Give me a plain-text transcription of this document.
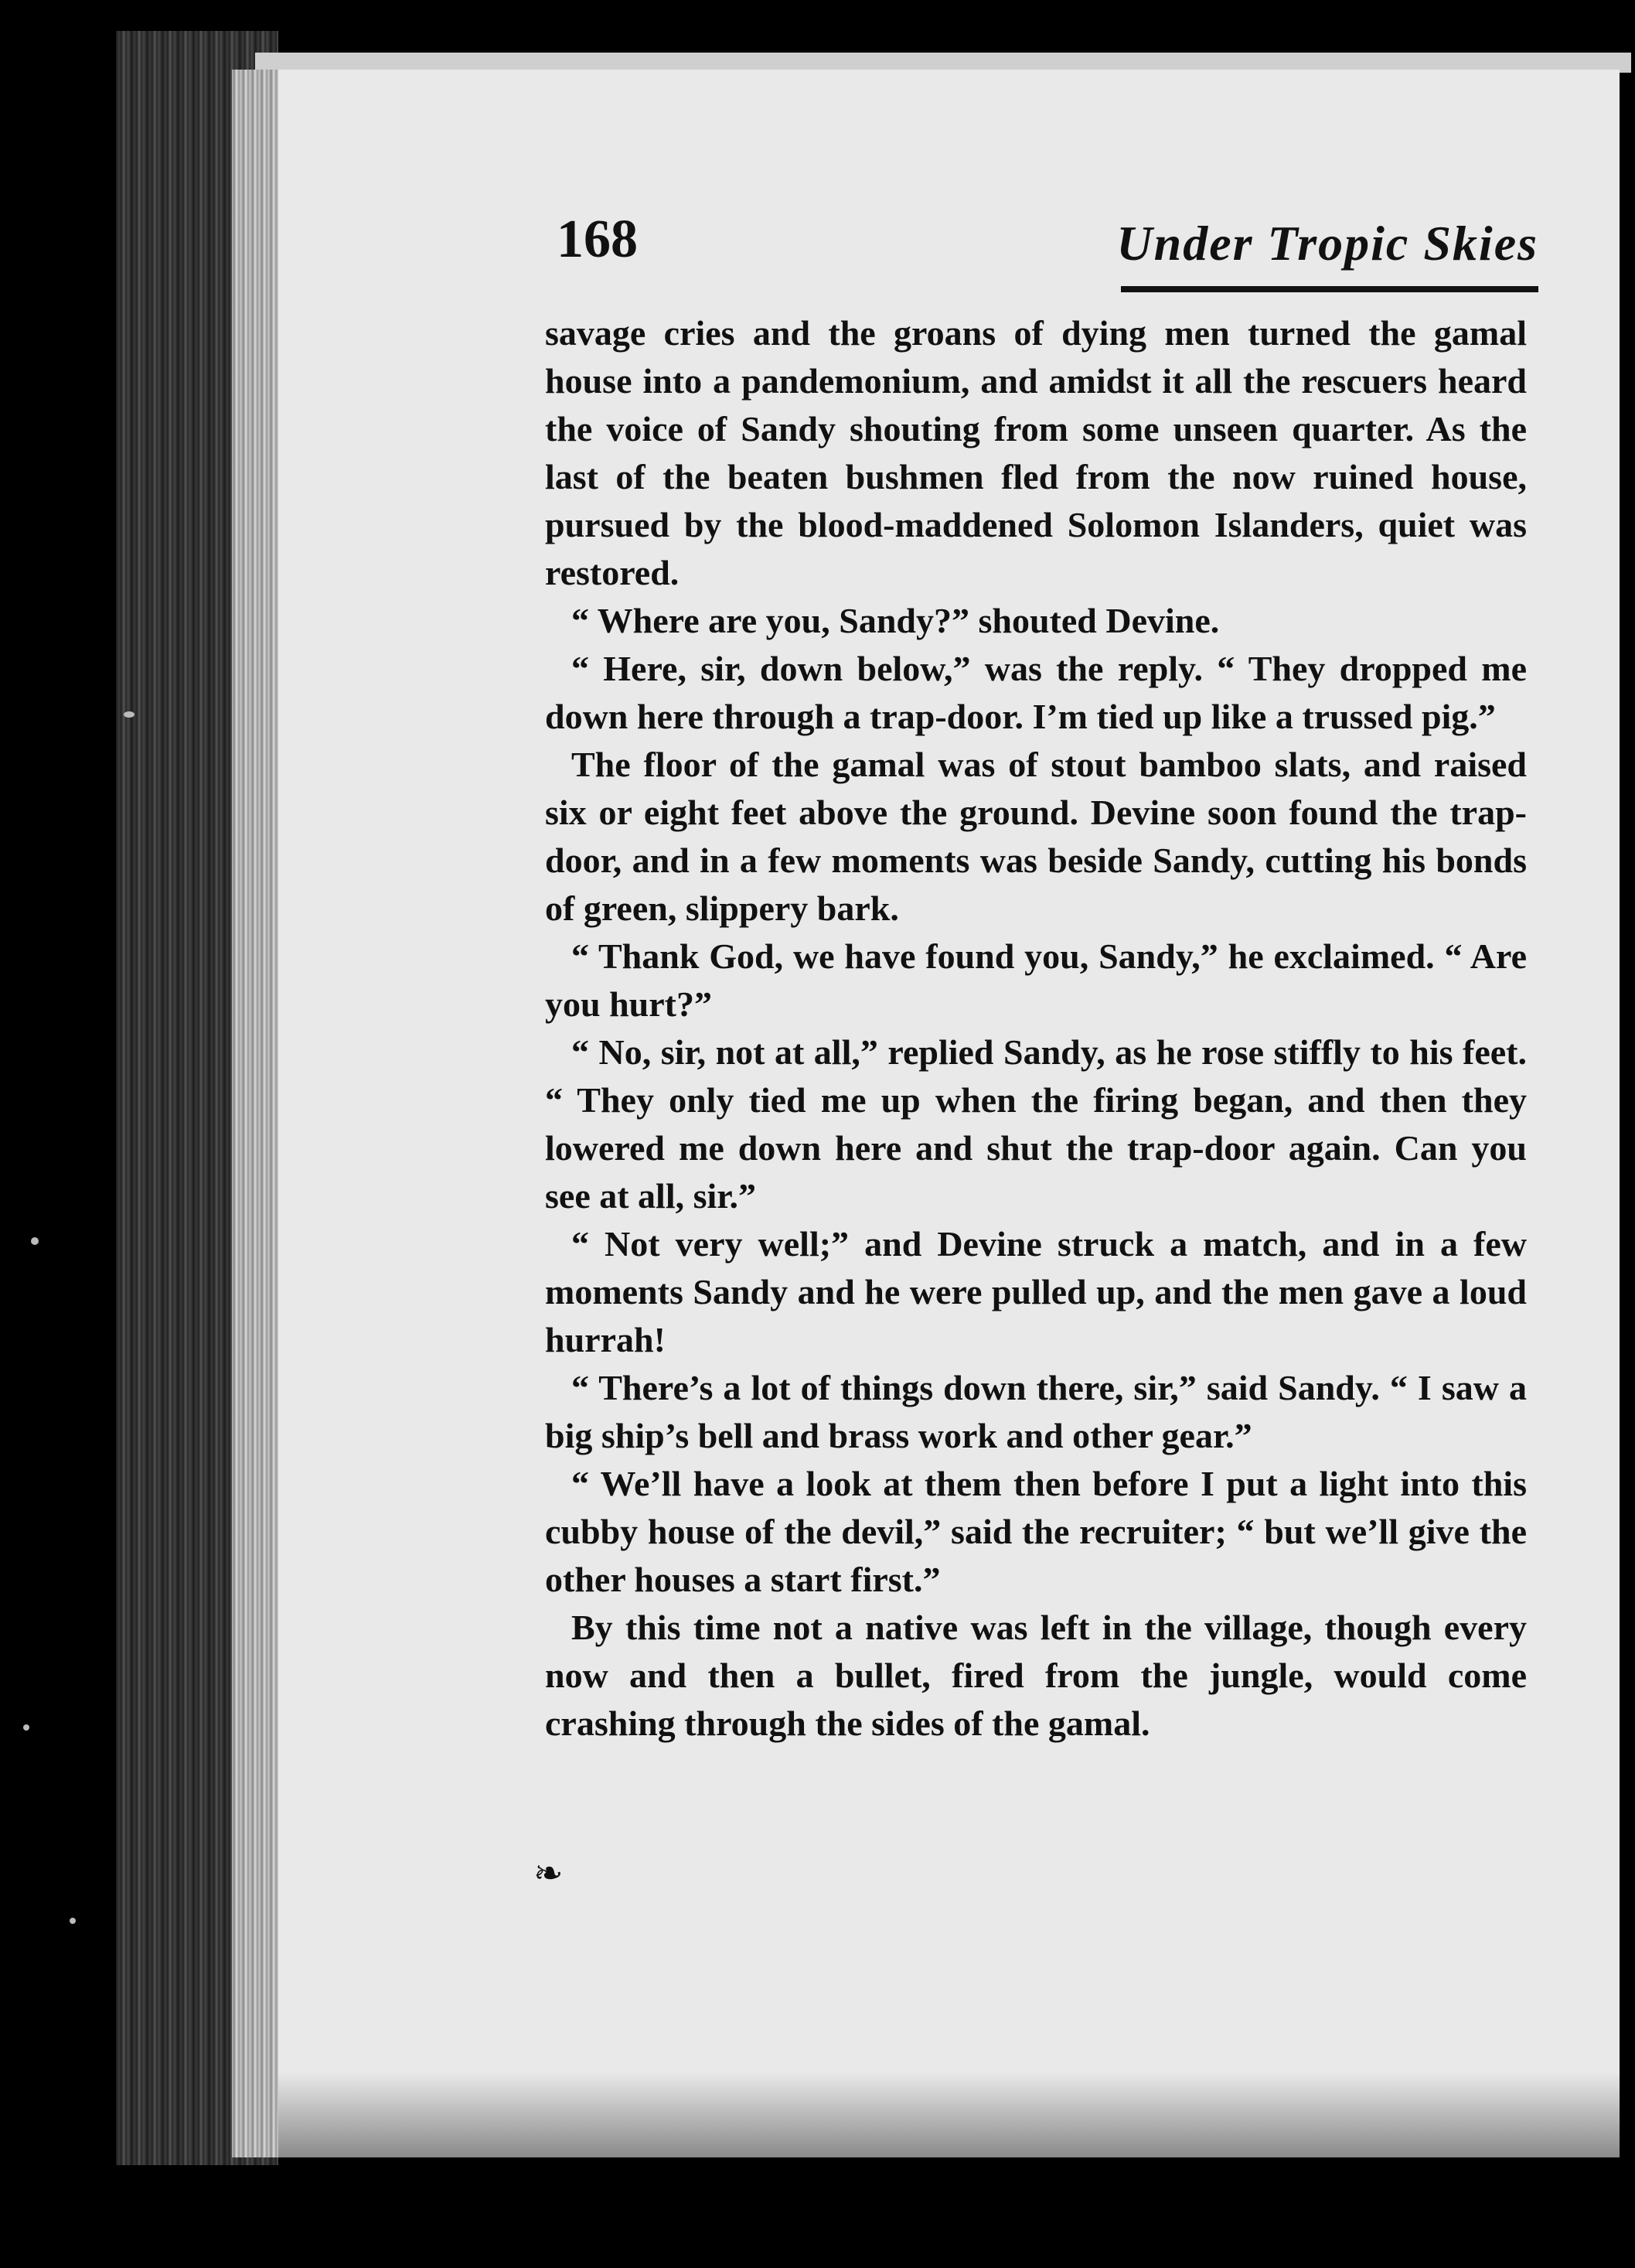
168	Under Tropic Skies

savage cries and the groans of dying men turned the gamal house into a pandemonium, and amidst it all the rescuers heard the voice of Sandy shouting from some unseen quarter. As the last of the beaten bushmen fled from the now ruined house, pursued by the blood-maddened Solomon Islanders, quiet was restored.

“ Where are you, Sandy?” shouted Devine.

“ Here, sir, down below,” was the reply. “ They dropped me down here through a trap-door. I’m tied up like a trussed pig.”

The floor of the gamal was of stout bamboo slats, and raised six or eight feet above the ground. Devine soon found the trap-door, and in a few moments was beside Sandy, cutting his bonds of green, slippery bark.

“ Thank God, we have found you, Sandy,” he exclaimed. “ Are you hurt?”

“ No, sir, not at all,” replied Sandy, as he rose stiffly to his feet. “ They only tied me up when the firing began, and then they lowered me down here and shut the trap-door again. Can you see at all, sir.”

“ Not very well;” and Devine struck a match, and in a few moments Sandy and he were pulled up, and the men gave a loud hurrah!

“ There’s a lot of things down there, sir,” said Sandy. “ I saw a big ship’s bell and brass work and other gear.”

“ We’ll have a look at them then before I put a light into this cubby house of the devil,” said the recruiter; “ but we’ll give the other houses a start first.”

By this time not a native was left in the village, though every now and then a bullet, fired from the jungle, would come crashing through the sides of the gamal.

❧
